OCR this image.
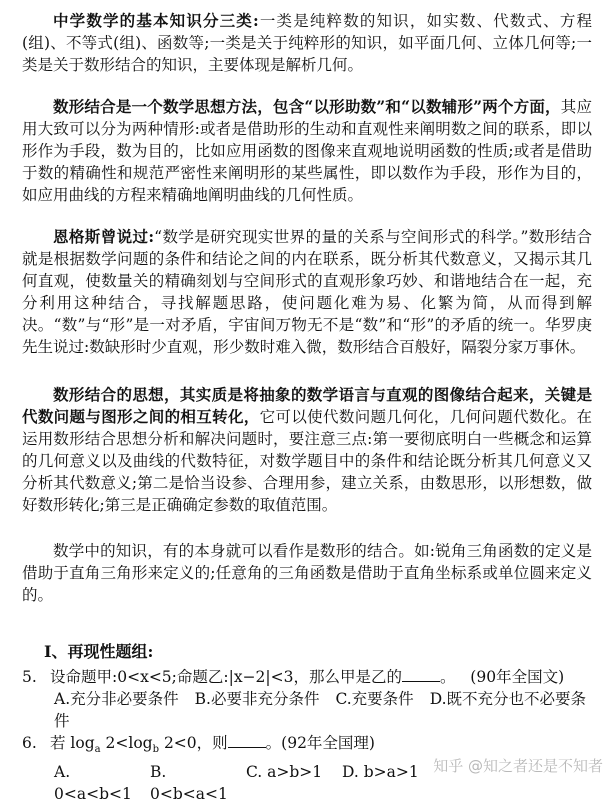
中学数学的基本知识分三类:一类是纯粹数的知识，如实数、代数式、方程(组)、不等式(组)、函数等;一类是关于纯粹形的知识，如平面几何、立体几何等;一类是关于数形结合的知识，主要体现是解析几何。

数形结合是一个数学思想方法，包含“以形助数”和“以数辅形”两个方面，其应用大致可以分为两种情形:或者是借助形的生动和直观性来阐明数之间的联系，即以形作为手段，数为目的，比如应用函数的图像来直观地说明函数的性质;或者是借助于数的精确性和规范严密性来阐明形的某些属性，即以数作为手段，形作为目的，如应用曲线的方程来精确地阐明曲线的几何性质。

恩格斯曾说过:“数学是研究现实世界的量的关系与空间形式的科学。”数形结合就是根据数学问题的条件和结论之间的内在联系，既分析其代数意义，又揭示其几何直观，使数量关的精确刻划与空间形式的直观形象巧妙、和谐地结合在一起，充分利用这种结合，寻找解题思路，使问题化难为易、化繁为简，从而得到解决。“数”与“形”是一对矛盾，宇宙间万物无不是“数”和“形”的矛盾的统一。华罗庚先生说过:数缺形时少直观，形少数时难入微，数形结合百般好，隔裂分家万事休。

数形结合的思想，其实质是将抽象的数学语言与直观的图像结合起来，关键是代数问题与图形之间的相互转化，它可以使代数问题几何化，几何问题代数化。在运用数形结合思想分析和解决问题时，要注意三点:第一要彻底明白一些概念和运算的几何意义以及曲线的代数特征，对数学题目中的条件和结论既分析其几何意义又分析其代数意义;第二是恰当设参、合理用参，建立关系，由数思形，以形想数，做好数形转化;第三是正确确定参数的取值范围。

数学中的知识，有的本身就可以看作是数形的结合。如:锐角三角函数的定义是借助于直角三角形来定义的;任意角的三角函数是借助于直角坐标系或单位圆来定义的。

Ⅰ、再现性题组:

5. 设命题甲:0<x<5;命题乙:|x−2|<3，那么甲是乙的 。 (90年全国文)

A.充分非必要条件 B.必要非充分条件 C.充要条件 D.既不充分也不必要条件

6. 若 $\log_a 2<\log_b$ 2<0，则 。(92年全国理)

A. 0<a<b<1
B. 0<b<a<1
C. a>b>1	D. b>a>1 知乎 @知之者还是不知者
